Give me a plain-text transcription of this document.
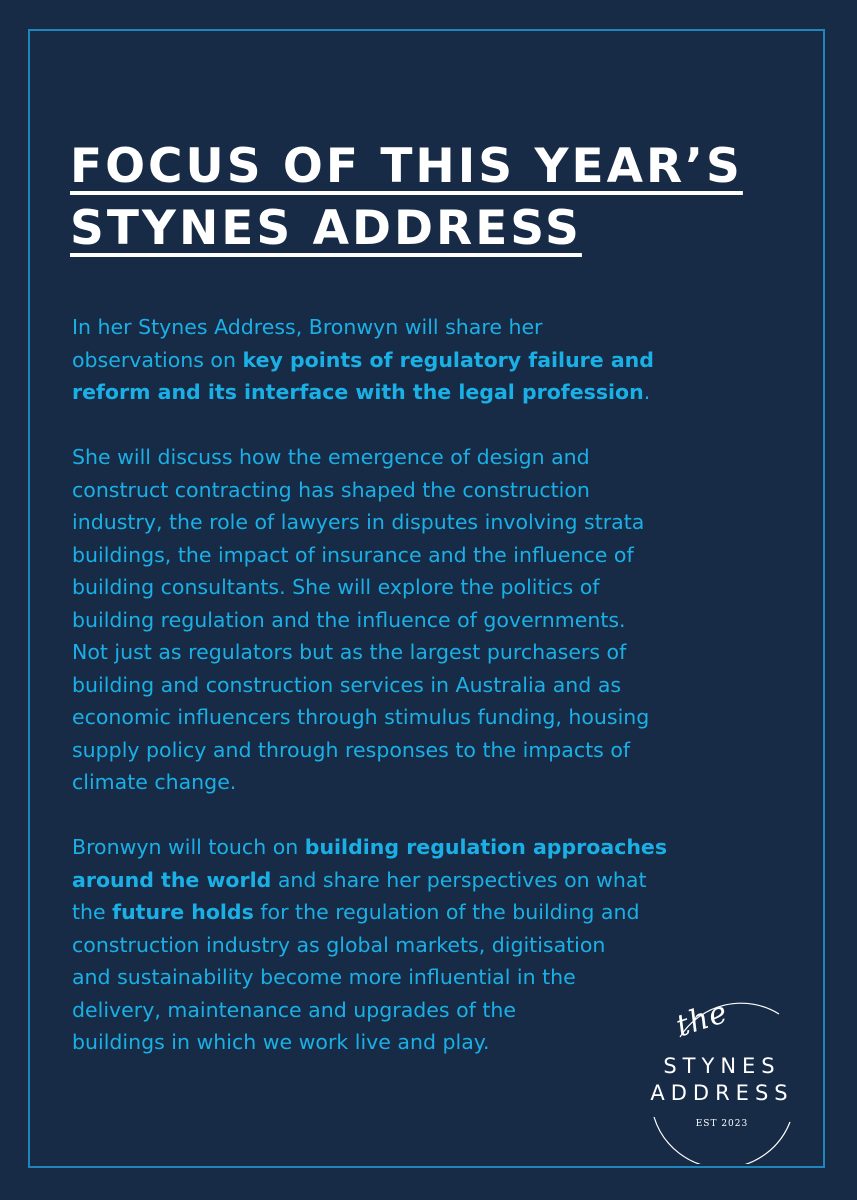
FOCUS OF THIS YEAR’S
STYNES ADDRESS

In her Stynes Address, Bronwyn will share her
observations on key points of regulatory failure and
reform and its interface with the legal profession.

She will discuss how the emergence of design and
construct contracting has shaped the construction
industry, the role of lawyers in disputes involving strata
buildings, the impact of insurance and the influence of
building consultants. She will explore the politics of
building regulation and the influence of governments.
Not just as regulators but as the largest purchasers of
building and construction services in Australia and as
economic influencers through stimulus funding, housing
supply policy and through responses to the impacts of
climate change.

Bronwyn will touch on building regulation approaches
around the world and share her perspectives on what
the future holds for the regulation of the building and
construction industry as global markets, digitisation
and sustainability become more influential in the
delivery, maintenance and upgrades of the
buildings in which we work live and play.	the
STYNES
ADDRESS
EST 2023
